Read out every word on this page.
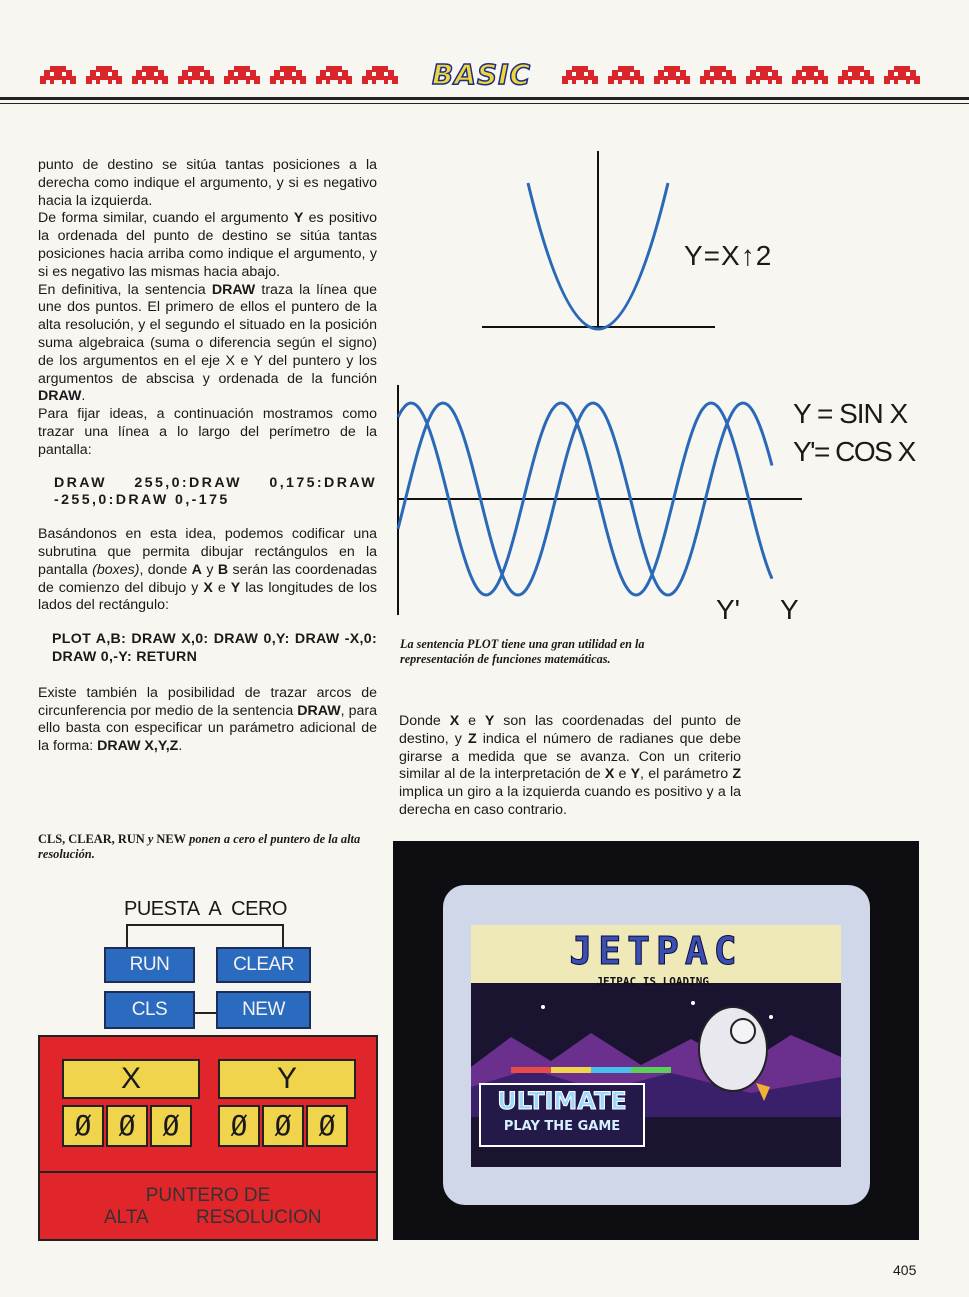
BASIC

punto de destino se sitúa tantas posiciones a la derecha como indique el argumento, y si es negativo hacia la izquierda.

De forma similar, cuando el argumento Y es positivo la ordenada del punto de destino se sitúa tantas posiciones hacia arriba como indique el argumento, y si es negativo las mismas hacia abajo.

En definitiva, la sentencia DRAW traza la línea que une dos puntos. El primero de ellos el puntero de la alta resolución, y el segundo el situado en la posición suma algebraica (suma o diferencia según el signo) de los argumentos en el eje X e Y del puntero y los argumentos de abscisa y ordenada de la función DRAW.

Para fijar ideas, a continuación mostramos como trazar una línea a lo largo del perímetro de la pantalla:

DRAW 255,0:DRAW 0,175:DRAW -255,0:DRAW 0,-175

Basándonos en esta idea, podemos codificar una subrutina que permita dibujar rectángulos en la pantalla (boxes), donde A y B serán las coordenadas de comienzo del dibujo y X e Y las longitudes de los lados del rectángulo:

PLOT A,B: DRAW X,0: DRAW 0,Y: DRAW -X,0: DRAW 0,-Y: RETURN

Existe también la posibilidad de trazar arcos de circunferencia por medio de la sentencia DRAW, para ello basta con especificar un parámetro adicional de la forma: DRAW X,Y,Z.

Y=X↑2
Y = SIN X
Y'= COS X
Y' Y
La sentencia PLOT tiene una gran utilidad en la representación de funciones matemáticas.

Donde X e Y son las coordenadas del punto de destino, y Z indica el número de radianes que debe girarse a medida que se avanza. Con un criterio similar al de la interpretación de X e Y, el parámetro Z implica un giro a la izquierda cuando es positivo y a la derecha en caso contrario.

CLS, CLEAR, RUN y NEW ponen a cero el puntero de la alta resolución.
PUESTA A CERO
RUN	CLEAR
CLS	NEW
X	Y
Ø Ø Ø	Ø Ø Ø
PUNTERO DE
ALTA RESOLUCION
JETPAC
JETPAC IS LOADING.
ULTIMATE
PLAY THE GAME
405
